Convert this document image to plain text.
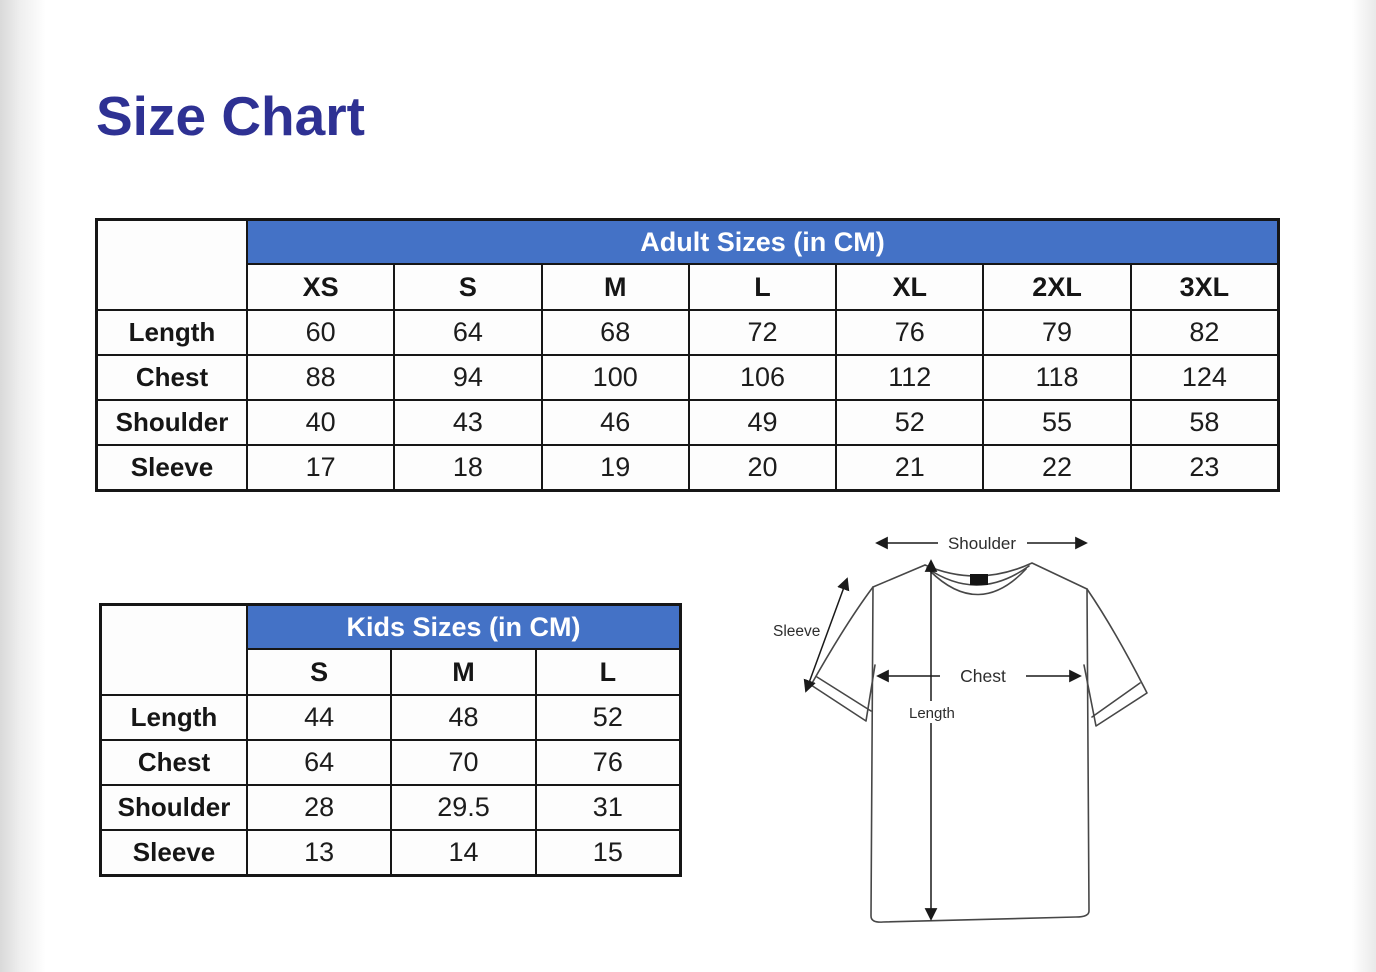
Size Chart
Adult Sizes (in CM)
XS	S	M	L	XL	2XL	3XL
Length	60	64	68	72	76	79	82
Chest	88	94	100	106	112	118	124
Shoulder	40	43	46	49	52	55	58
Sleeve	17	18	19	20	21	22	23
Kids Sizes (in CM)
S	M	L
Length	44	48	52
Chest	64	70	76
Shoulder	28	29.5	31
Sleeve	13	14	15
Shoulder
Sleeve
Chest
Length
